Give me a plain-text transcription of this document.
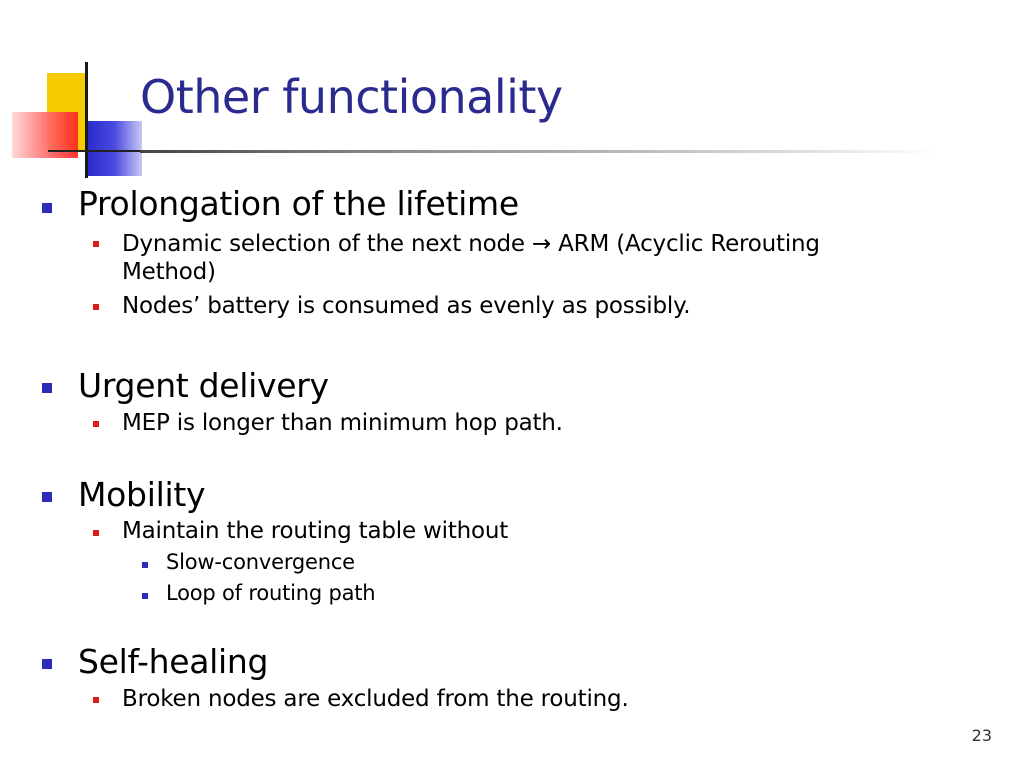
Other functionality
Prolongation of the lifetime
Dynamic selection of the next node → ARM (Acyclic Rerouting
Method)
Nodes’ battery is consumed as evenly as possibly.
Urgent delivery
MEP is longer than minimum hop path.
Mobility
Maintain the routing table without
Slow-convergence
Loop of routing path
Self-healing
Broken nodes are excluded from the routing.
23
